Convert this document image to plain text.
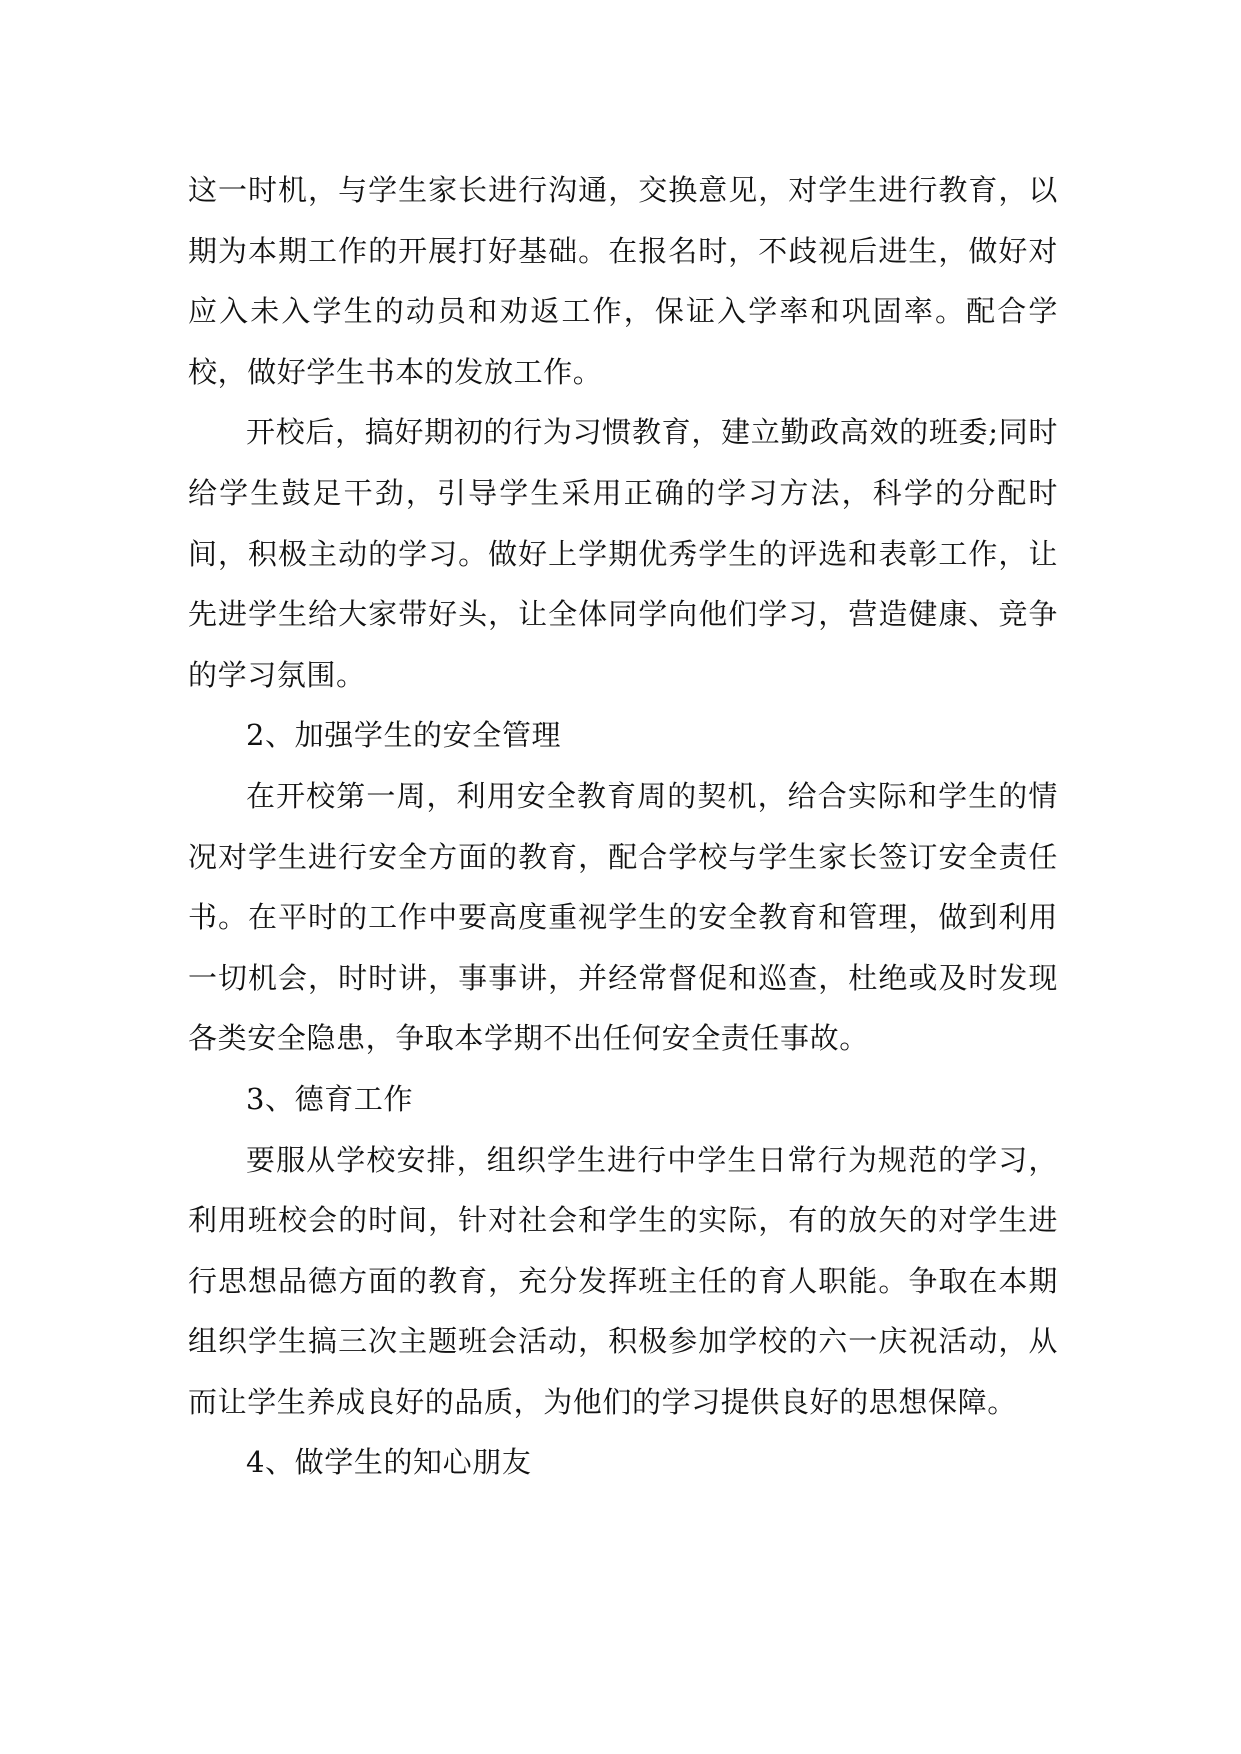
这一时机，与学生家长进行沟通，交换意见，对学生进行教育，以期为本期工作的开展打好基础。在报名时，不歧视后进生，做好对应入未入学生的动员和劝返工作，保证入学率和巩固率。配合学校，做好学生书本的发放工作。

开校后，搞好期初的行为习惯教育，建立勤政高效的班委;同时给学生鼓足干劲，引导学生采用正确的学习方法，科学的分配时间，积极主动的学习。做好上学期优秀学生的评选和表彰工作，让先进学生给大家带好头，让全体同学向他们学习，营造健康、竞争的学习氛围。

2、加强学生的安全管理

在开校第一周，利用安全教育周的契机，给合实际和学生的情况对学生进行安全方面的教育，配合学校与学生家长签订安全责任书。在平时的工作中要高度重视学生的安全教育和管理，做到利用一切机会，时时讲，事事讲，并经常督促和巡查，杜绝或及时发现各类安全隐患，争取本学期不出任何安全责任事故。

3、德育工作

要服从学校安排，组织学生进行中学生日常行为规范的学习，利用班校会的时间，针对社会和学生的实际，有的放矢的对学生进行思想品德方面的教育，充分发挥班主任的育人职能。争取在本期组织学生搞三次主题班会活动，积极参加学校的六一庆祝活动，从而让学生养成良好的品质，为他们的学习提供良好的思想保障。

4、做学生的知心朋友
